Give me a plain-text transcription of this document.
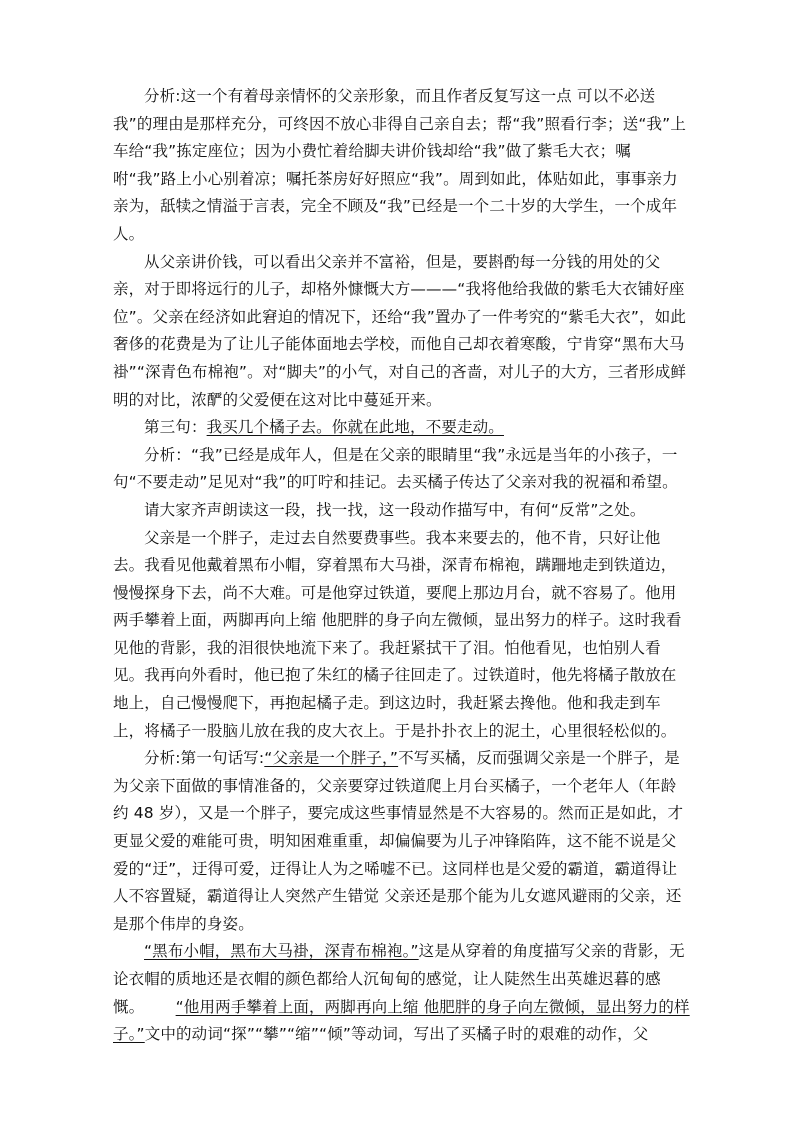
分析:这一个有着母亲情怀的父亲形象，而且作者反复写这一点 可以不必送我”的理由是那样充分，可终因不放心非得自己亲自去；帮“我”照看行李；送“我”上车给“我”拣定座位；因为小费忙着给脚夫讲价钱却给“我”做了紫毛大衣；嘱咐“我”路上小心别着凉；嘱托茶房好好照应“我”。周到如此，体贴如此，事事亲力亲为，舐犊之情溢于言表，完全不顾及“我”已经是一个二十岁的大学生，一个成年人。

从父亲讲价钱，可以看出父亲并不富裕，但是，要斟酌每一分钱的用处的父亲，对于即将远行的儿子，却格外慷慨大方———“我将他给我做的紫毛大衣铺好座位”。父亲在经济如此窘迫的情况下，还给“我”置办了一件考究的“紫毛大衣”，如此奢侈的花费是为了让儿子能体面地去学校，而他自己却衣着寒酸，宁肯穿“黑布大马褂”“深青色布棉袍”。对“脚夫”的小气，对自己的吝啬，对儿子的大方，三者形成鲜明的对比，浓酽的父爱便在这对比中蔓延开来。

第三句：我买几个橘子去。你就在此地，不要走动。

分析：“我”已经是成年人，但是在父亲的眼睛里“我”永远是当年的小孩子，一句“不要走动”足见对“我”的叮咛和挂记。去买橘子传达了父亲对我的祝福和希望。

请大家齐声朗读这一段，找一找，这一段动作描写中，有何“反常”之处。

父亲是一个胖子，走过去自然要费事些。我本来要去的，他不肯，只好让他去。我看见他戴着黑布小帽，穿着黑布大马褂，深青布棉袍，蹒跚地走到铁道边，慢慢探身下去，尚不大难。可是他穿过铁道，要爬上那边月台，就不容易了。他用两手攀着上面，两脚再向上缩 他肥胖的身子向左微倾，显出努力的样子。这时我看见他的背影，我的泪很快地流下来了。我赶紧拭干了泪。怕他看见，也怕别人看见。我再向外看时，他已抱了朱红的橘子往回走了。过铁道时，他先将橘子散放在地上，自己慢慢爬下，再抱起橘子走。到这边时，我赶紧去搀他。他和我走到车上，将橘子一股脑儿放在我的皮大衣上。于是扑扑衣上的泥土，心里很轻松似的。

分析:第一句话写:“父亲是一个胖子，”不写买橘，反而强调父亲是一个胖子，是为父亲下面做的事情准备的，父亲要穿过铁道爬上月台买橘子，一个老年人（年龄约 48 岁），又是一个胖子，要完成这些事情显然是不大容易的。然而正是如此，才更显父爱的难能可贵，明知困难重重，却偏偏要为儿子冲锋陷阵，这不能不说是父爱的“迂”，迂得可爱，迂得让人为之唏嘘不已。这同样也是父爱的霸道，霸道得让人不容置疑，霸道得让人突然产生错觉 父亲还是那个能为儿女遮风避雨的父亲，还是那个伟岸的身姿。

“黑布小帽，黑布大马褂，深青布棉袍。”这是从穿着的角度描写父亲的背影，无论衣帽的质地还是衣帽的颜色都给人沉甸甸的感觉，让人陡然生出英雄迟暮的感慨。   “他用两手攀着上面，两脚再向上缩 他肥胖的身子向左微倾，显出努力的样子。”文中的动词“探”“攀”“缩”“倾”等动词，写出了买橘子时的艰难的动作，父
